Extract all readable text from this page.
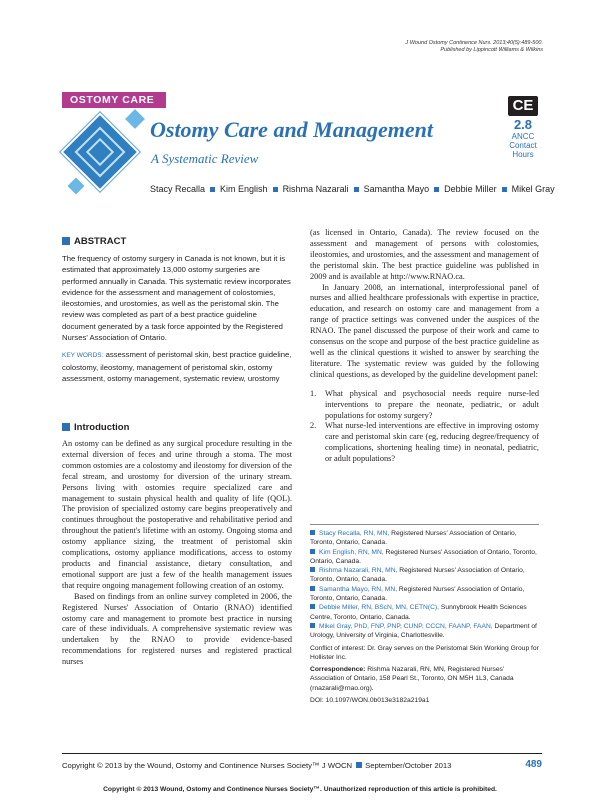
J Wound Ostomy Continence Nurs. 2013;40(5):489-500.
Published by Lippincott Williams & Wilkins
OSTOMY CARE
Ostomy Care and Management
A Systematic Review
CE
2.8
ANCC
Contact
Hours
Stacy Recalla Kim English Rishma Nazarali Samantha Mayo Debbie Miller Mikel Gray
ABSTRACT
The frequency of ostomy surgery in Canada is not known, but it is estimated that approximately 13,000 ostomy surgeries are performed annually in Canada. This systematic review incorporates evidence for the assessment and management of colostomies, ileostomies, and urostomies, as well as the peristomal skin. The review was completed as part of a best practice guideline document generated by a task force appointed by the Registered Nurses' Association of Ontario.
KEY WORDS: assessment of peristomal skin, best practice guideline, colostomy, ileostomy, management of peristomal skin, ostomy assessment, ostomy management, systematic review, urostomy
Introduction

An ostomy can be defined as any surgical procedure resulting in the external diversion of feces and urine through a stoma. The most common ostomies are a colostomy and ileostomy for diversion of the fecal stream, and urostomy for diversion of the urinary stream. Persons living with ostomies require specialized care and management to sustain physical health and quality of life (QOL). The provision of specialized ostomy care begins preoperatively and continues throughout the postoperative and rehabilitative period and throughout the patient's lifetime with an ostomy. Ongoing stoma and ostomy appliance sizing, the treatment of peristomal skin complications, ostomy appliance modifications, access to ostomy products and financial assistance, dietary consultation, and emotional support are just a few of the health management issues that require ongoing management following creation of an ostomy.

Based on findings from an online survey completed in 2006, the Registered Nurses' Association of Ontario (RNAO) identified ostomy care and management to promote best practice in nursing care of these individuals. A comprehensive systematic review was undertaken by the RNAO to provide evidence-based recommendations for registered nurses and registered practical nurses

(as licensed in Ontario, Canada). The review focused on the assessment and management of persons with colostomies, ileostomies, and urostomies, and the assessment and management of the peristomal skin. The best practice guideline was published in 2009 and is available at http://www.RNAO.ca.

In January 2008, an international, interprofessional panel of nurses and allied healthcare professionals with expertise in practice, education, and research on ostomy care and management from a range of practice settings was convened under the auspices of the RNAO. The panel discussed the purpose of their work and came to consensus on the scope and purpose of the best practice guideline as well as the clinical questions it wished to answer by searching the literature. The systematic review was guided by the following clinical questions, as developed by the guideline development panel:

1. What physical and psychosocial needs require nurse-led interventions to prepare the neonate, pediatric, or adult populations for ostomy surgery?
2. What nurse-led interventions are effective in improving ostomy care and peristomal skin care (eg, reducing degree/frequency of complications, shortening healing time) in neonatal, pediatric, or adult populations?
Stacy Recalla, RN, MN, Registered Nurses' Association of Ontario, Toronto, Ontario, Canada.
Kim English, RN, MN, Registered Nurses' Association of Ontario, Toronto, Ontario, Canada.
Rishma Nazarali, RN, MN, Registered Nurses' Association of Ontario, Toronto, Ontario, Canada.
Samantha Mayo, RN, MN, Registered Nurses' Association of Ontario, Toronto, Ontario, Canada.
Debbie Miller, RN, BScN, MN, CETN(C), Sunnybrook Health Sciences Centre, Toronto, Ontario, Canada.
Mikel Gray, PhD, FNP, PNP, CUNP, CCCN, FAANP, FAAN, Department of Urology, University of Virginia, Charlottesville.
Conflict of interest: Dr. Gray serves on the Peristomal Skin Working Group for Hollister Inc.
Correspondence: Rishma Nazarali, RN, MN, Registered Nurses' Association of Ontario, 158 Pearl St., Toronto, ON M5H 1L3, Canada (rnazarali@rnao.org).
DOI: 10.1097/WON.0b013e3182a219a1
Copyright © 2013 by the Wound, Ostomy and Continence Nurses Society™ J WOCN September/October 2013	489
Copyright © 2013 Wound, Ostomy and Continence Nurses Society™. Unauthorized reproduction of this article is prohibited.
